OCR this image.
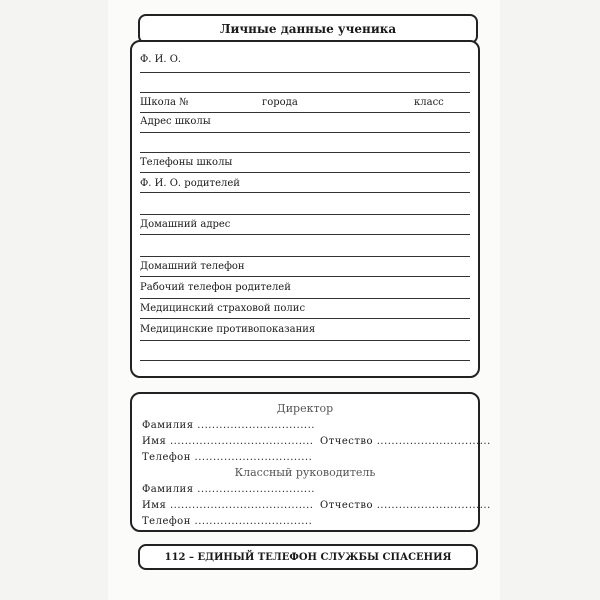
Личные данные ученика
Ф. И. О.
Школа №	города	класс
Адрес школы
Телефоны школы
Ф. И. О. родителей
Домашний адрес
Домашний телефон
Рабочий телефон родителей
Медицинский страховой полис
Медицинские противопоказания
Директор
Фамилия ................................
Имя ....................................... Отчество ...............................
Телефон ................................
Классный руководитель
Фамилия ................................
Имя ....................................... Отчество ...............................
Телефон ................................
112 – ЕДИНЫЙ ТЕЛЕФОН СЛУЖБЫ СПАСЕНИЯ
